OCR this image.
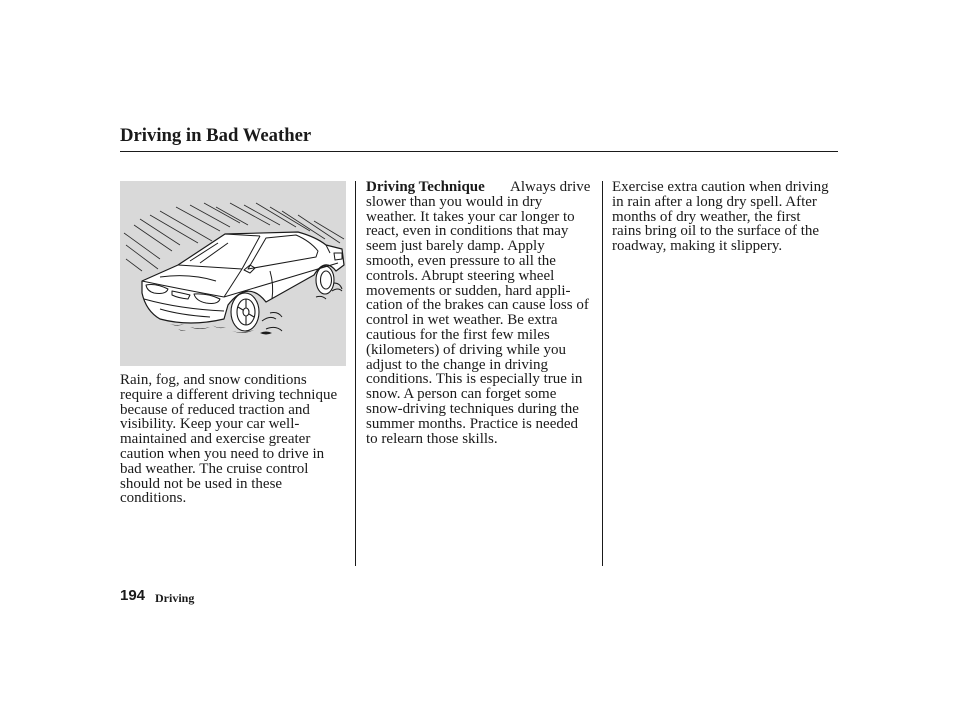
Driving in Bad Weather
Rain, fog, and snow conditions
require a different driving technique
because of reduced traction and
visibility. Keep your car well-
maintained and exercise greater
caution when you need to drive in
bad weather. The cruise control
should not be used in these
conditions.
Driving Technique Always drive
slower than you would in dry
weather. It takes your car longer to
react, even in conditions that may
seem just barely damp. Apply
smooth, even pressure to all the
controls. Abrupt steering wheel
movements or sudden, hard appli-
cation of the brakes can cause loss of
control in wet weather. Be extra
cautious for the first few miles
(kilometers) of driving while you
adjust to the change in driving
conditions. This is especially true in
snow. A person can forget some
snow-driving techniques during the
summer months. Practice is needed
to relearn those skills.
Exercise extra caution when driving
in rain after a long dry spell. After
months of dry weather, the first
rains bring oil to the surface of the
roadway, making it slippery.
194 Driving
